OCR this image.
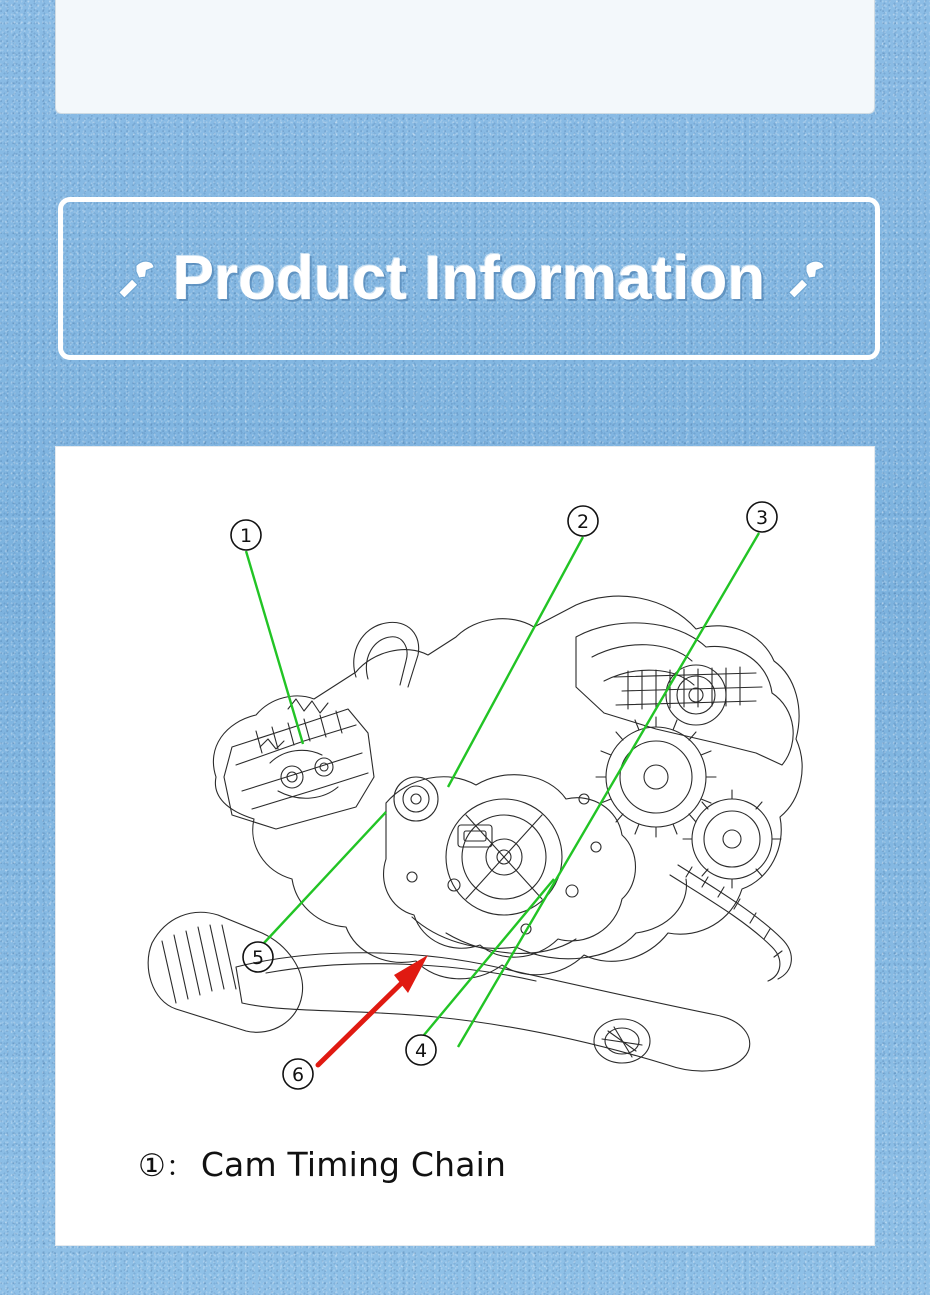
Product Information
1
2	3
4
5
6
①： Cam Timing Chain
